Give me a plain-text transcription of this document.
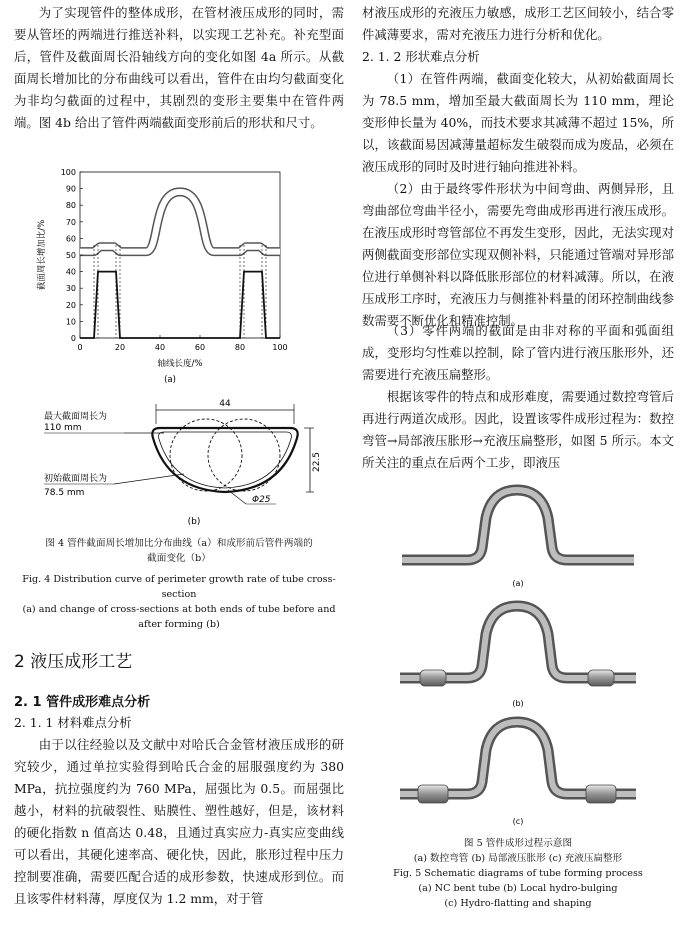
为了实现管件的整体成形，在管材液压成形的同时，需要从管坯的两端进行推送补料，以实现工艺补充。补充型面后，管件及截面周长沿轴线方向的变化如图 4a 所示。从截面周长增加比的分布曲线可以看出，管件在由均匀截面变化为非均匀截面的过程中，其剧烈的变形主要集中在管件两端。图 4b 给出了管件两端截面变形前后的形状和尺寸。

0	20	40	60	80	100
0
10
20
30
40
50
60
70
80
90
100
轴线长度/%
截面周长增加比/%
(a)
44
22.5
最大截面周长为
110 mm
初始截面周长为
78.5 mm
Φ25
(b)

图 4 管件截面周长增加比分布曲线（a）和成形前后管件两端的

截面变化（b）

Fig. 4 Distribution curve of perimeter growth rate of tube cross-section

(a) and change of cross-sections at both ends of tube before and

after forming (b)

2 液压成形工艺
2. 1 管件成形难点分析

2. 1. 1 材料难点分析

由于以往经验以及文献中对哈氏合金管材液压成形的研究较少，通过单拉实验得到哈氏合金的屈服强度约为 380 MPa，抗拉强度约为 760 MPa，屈强比为 0.5。而屈强比越小，材料的抗破裂性、贴膜性、塑性越好，但是，该材料的硬化指数 n 值高达 0.48，且通过真实应力-真实应变曲线可以看出，其硬化速率高、硬化快，因此，胀形过程中压力控制要准确，需要匹配合适的成形参数，快速成形到位。而且该零件材料薄，厚度仅为 1.2 mm，对于管

材液压成形的充液压力敏感，成形工艺区间较小，结合零件减薄要求，需对充液压力进行分析和优化。

2. 1. 2 形状难点分析

（1）在管件两端，截面变化较大，从初始截面周长为 78.5 mm，增加至最大截面周长为 110 mm，理论变形伸长量为 40%，而技术要求其减薄不超过 15%，所以，该截面易因减薄量超标发生破裂而成为废品，必须在液压成形的同时及时进行轴向推进补料。

（2）由于最终零件形状为中间弯曲、两侧异形，且弯曲部位弯曲半径小，需要先弯曲成形再进行液压成形。在液压成形时弯管部位不再发生变形，因此，无法实现对两侧截面变形部位实现双侧补料，只能通过管端对异形部位进行单侧补料以降低胀形部位的材料减薄。所以，在液压成形工序时，充液压力与侧推补料量的闭环控制曲线参数需要不断优化和精准控制。

（3）零件两端的截面是由非对称的平面和弧面组成，变形均匀性难以控制，除了管内进行液压胀形外，还需要进行充液压扁整形。

根据该零件的特点和成形难度，需要通过数控弯管后再进行两道次成形。因此，设置该零件成形过程为：数控弯管→局部液压胀形→充液压扁整形，如图 5 所示。本文所关注的重点在后两个工步，即液压

(a)
(b)
(c)

图 5 管件成形过程示意图

(a) 数控弯管 (b) 局部液压胀形 (c) 充液压扁整形

Fig. 5 Schematic diagrams of tube forming process

(a) NC bent tube (b) Local hydro-bulging

(c) Hydro-flatting and shaping
